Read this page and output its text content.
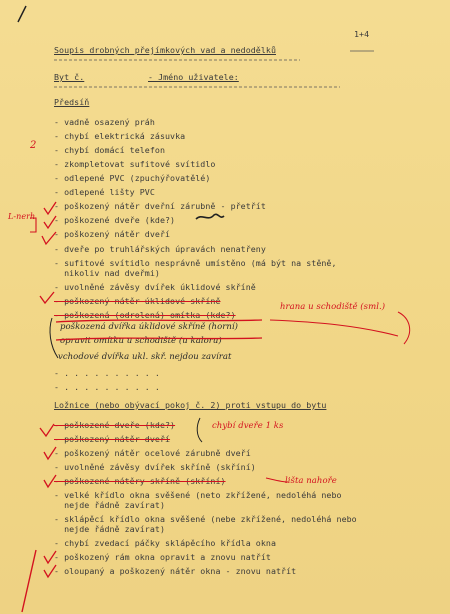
1+4
Soupis drobných přejímkových vad a nedodělků
Byt č.	- Jméno uživatele:
Předsíň
- vadně osazený práh
- chybí elektrická zásuvka
- chybí domácí telefon
- zkompletovat sufitové svítidlo
- odlepené PVC (zpuchýřovatělé)
- odlepené lišty PVC
- poškozený nátěr dveřní zárubně - přetřít
- poškozené dveře (kde?)
- poškozený nátěr dveří
- dveře po truhlářských úpravách nenatřeny
- sufitové svítidlo nesprávně umístěno (má být na stěně,
nikoliv nad dveřmi)
- uvolněné závěsy dvířek úklidové skříně
- poškozený nátěr úklidové skříně
- poškozená (odrolená) omítka (kde?)
- . . . . . . . . . .
- . . . . . . . . . .
Ložnice (nebo obývací pokoj č. 2) proti vstupu do bytu
- poškozené dveře (kde?)
- poškozený nátěr dveří
- poškozený nátěr ocelové zárubně dveří
- uvolněné závěsy dvířek skříně (skříní)
- poškozené nátěry skříně (skříní)
- velké křídlo okna svěšené (neto zkřížené, nedoléhá nebo
nejde řádně zavírat)
- sklápěcí křídlo okna svěšené (nebe zkřížené, nedoléhá nebo
nejde řádně zavírat)
- chybí zvedací páčky sklápěcího křídla okna
- poškozený rám okna opravit a znovu natřít
- oloupaný a poškozený nátěr okna - znovu natřít
2
L-nerh
hrana u schodiště (sml.)
poškozená dvířka úklidové skříně (horní)
opravit omítku u schodiště (u kaloru)
vchodové dvířka ukl. skř. nejdou zavírat
chybí dveře 1 ks
lišta nahoře
